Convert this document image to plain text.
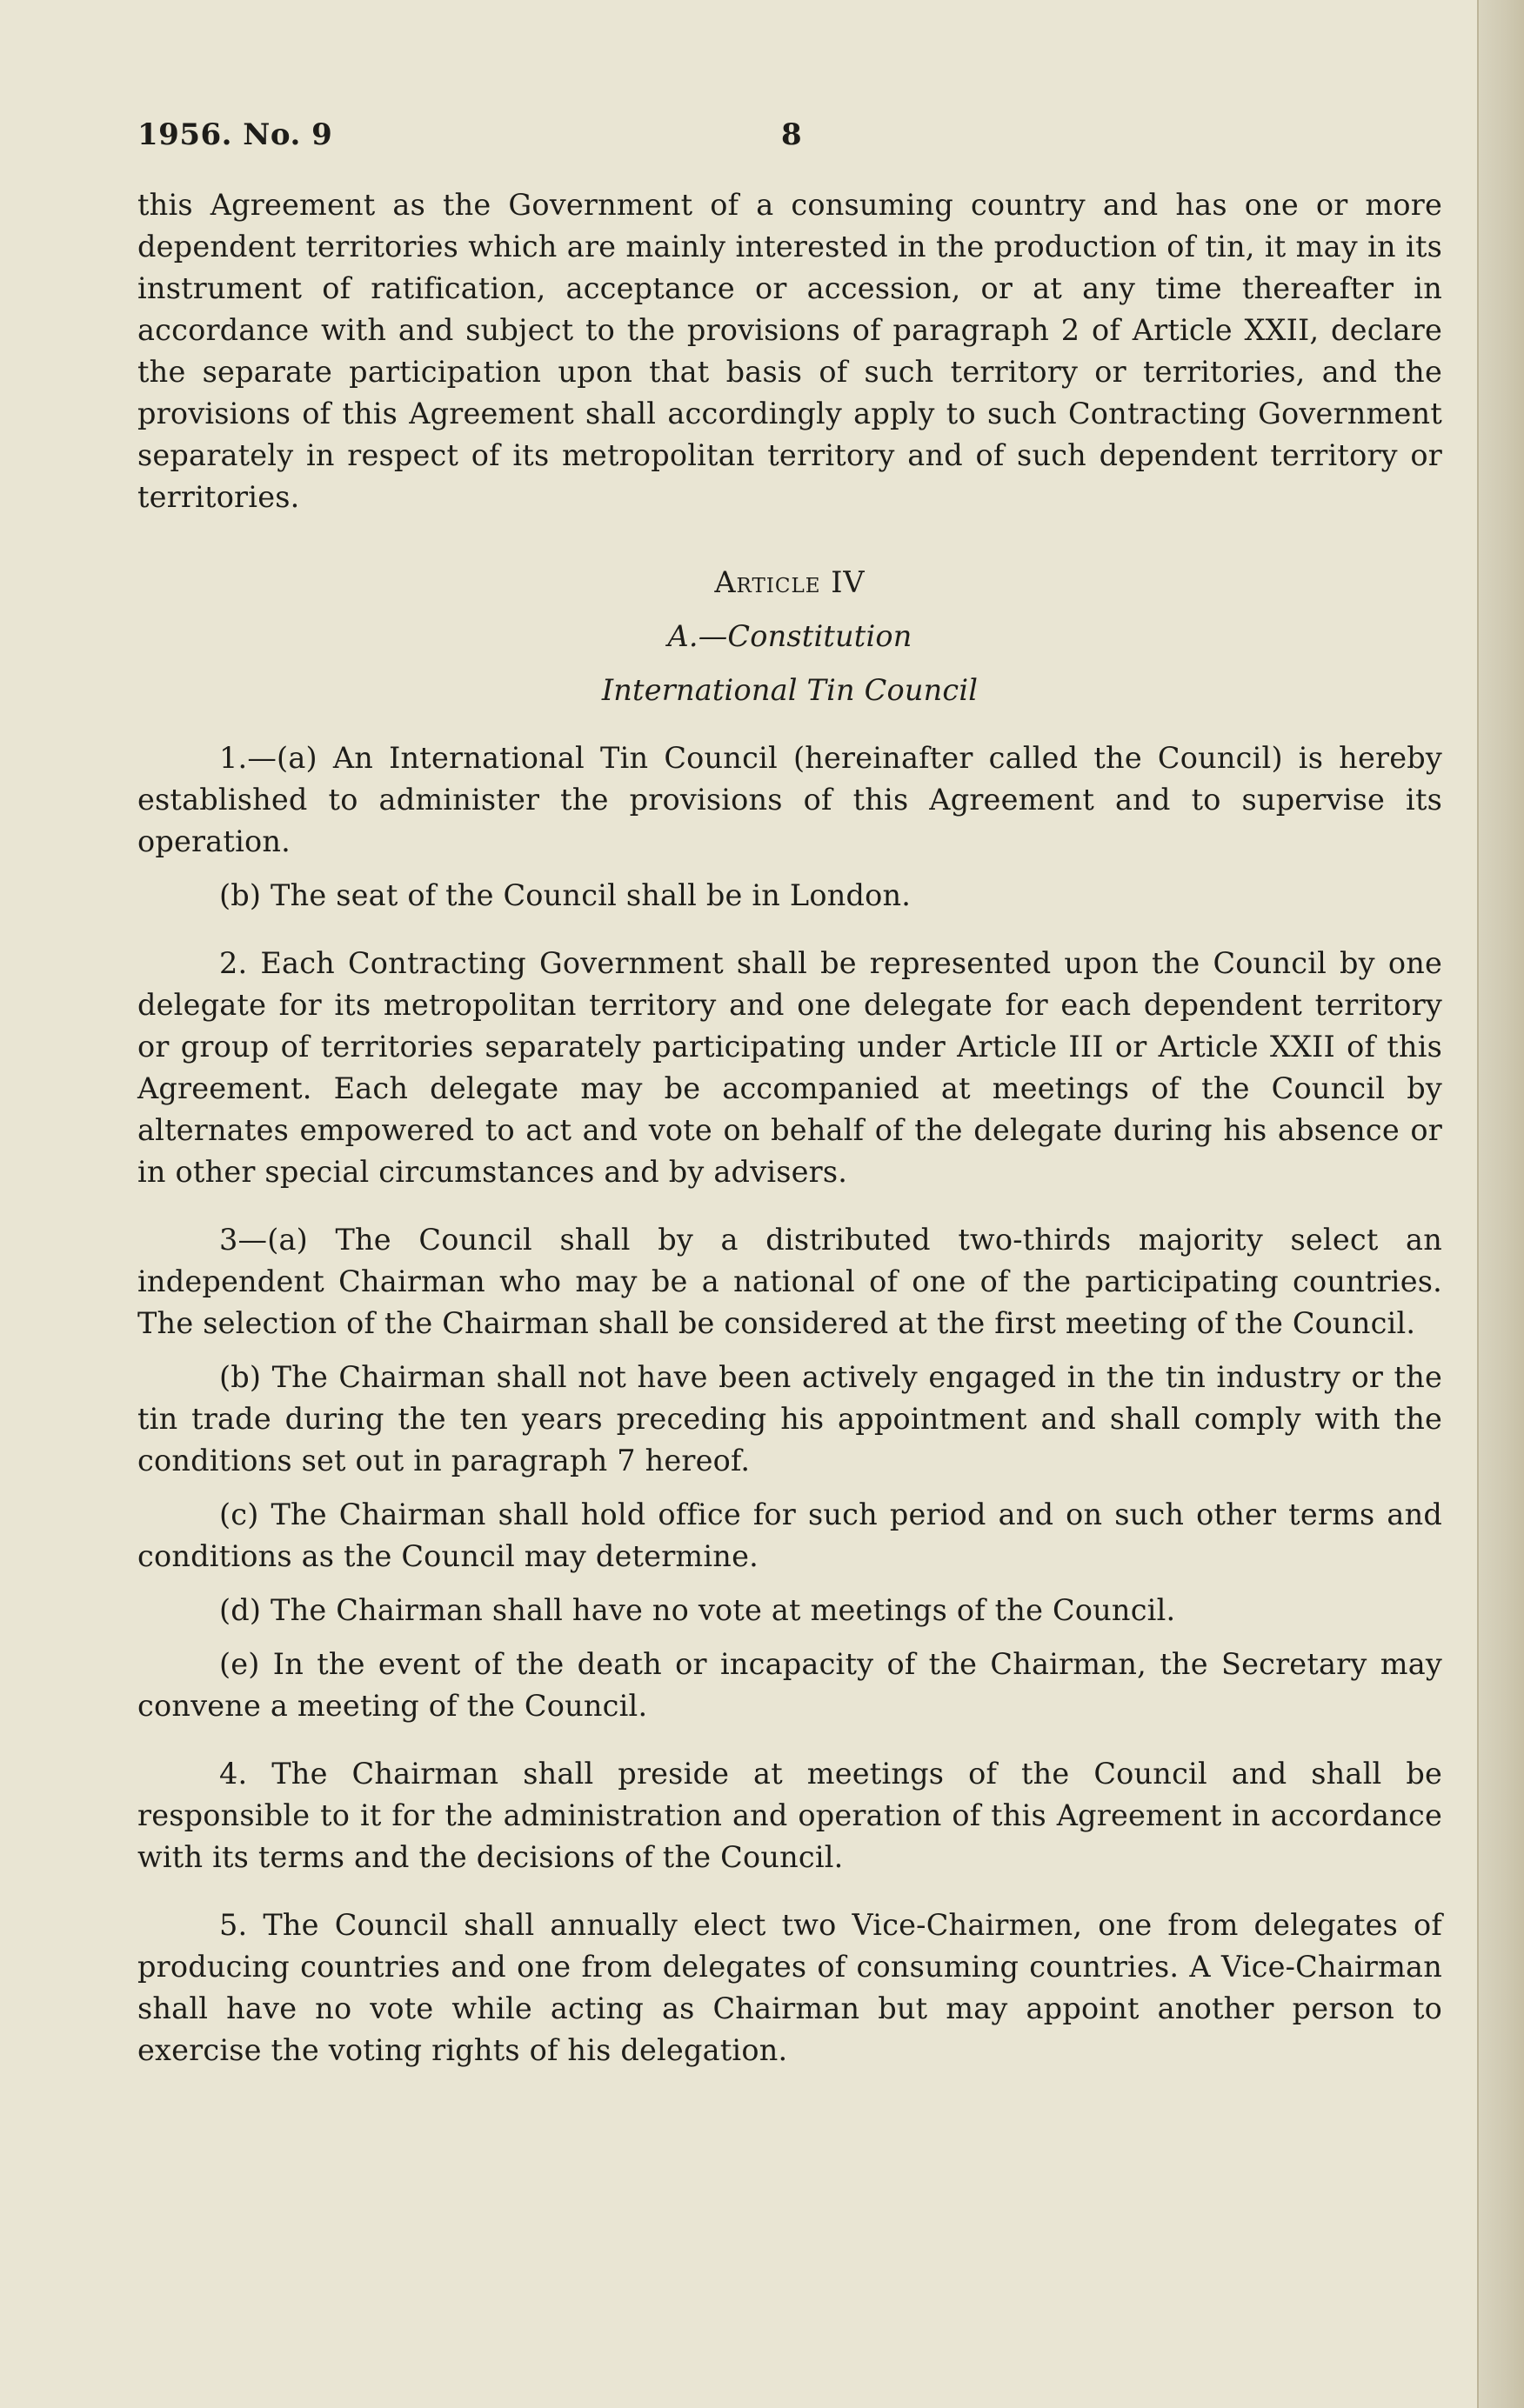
1956. No. 9	8

this Agreement as the Government of a consuming country and has one or more dependent territories which are mainly interested in the production of tin, it may in its instrument of ratification, acceptance or accession, or at any time thereafter in accordance with and subject to the provisions of paragraph 2 of Article XXII, declare the separate participation upon that basis of such territory or territories, and the provisions of this Agreement shall accordingly apply to such Contracting Government separately in respect of its metropolitan territory and of such dependent territory or territories.

Article IV

A.—Constitution

International Tin Council

1.—(a) An International Tin Council (hereinafter called the Council) is hereby established to administer the provisions of this Agreement and to supervise its operation.

(b) The seat of the Council shall be in London.

2. Each Contracting Government shall be represented upon the Council by one delegate for its metropolitan territory and one delegate for each dependent territory or group of territories separately participating under Article III or Article XXII of this Agreement. Each delegate may be accompanied at meetings of the Council by alternates empowered to act and vote on behalf of the delegate during his absence or in other special circumstances and by advisers.

3—(a) The Council shall by a distributed two-thirds majority select an independent Chairman who may be a national of one of the participating countries. The selection of the Chairman shall be considered at the first meeting of the Council.

(b) The Chairman shall not have been actively engaged in the tin industry or the tin trade during the ten years preceding his appointment and shall comply with the conditions set out in paragraph 7 hereof.

(c) The Chairman shall hold office for such period and on such other terms and conditions as the Council may determine.

(d) The Chairman shall have no vote at meetings of the Council.

(e) In the event of the death or incapacity of the Chairman, the Secretary may convene a meeting of the Council.

4. The Chairman shall preside at meetings of the Council and shall be responsible to it for the administration and operation of this Agreement in accordance with its terms and the decisions of the Council.

5. The Council shall annually elect two Vice-Chairmen, one from delegates of producing countries and one from delegates of consuming countries. A Vice-Chairman shall have no vote while acting as Chairman but may appoint another person to exercise the voting rights of his delegation.
